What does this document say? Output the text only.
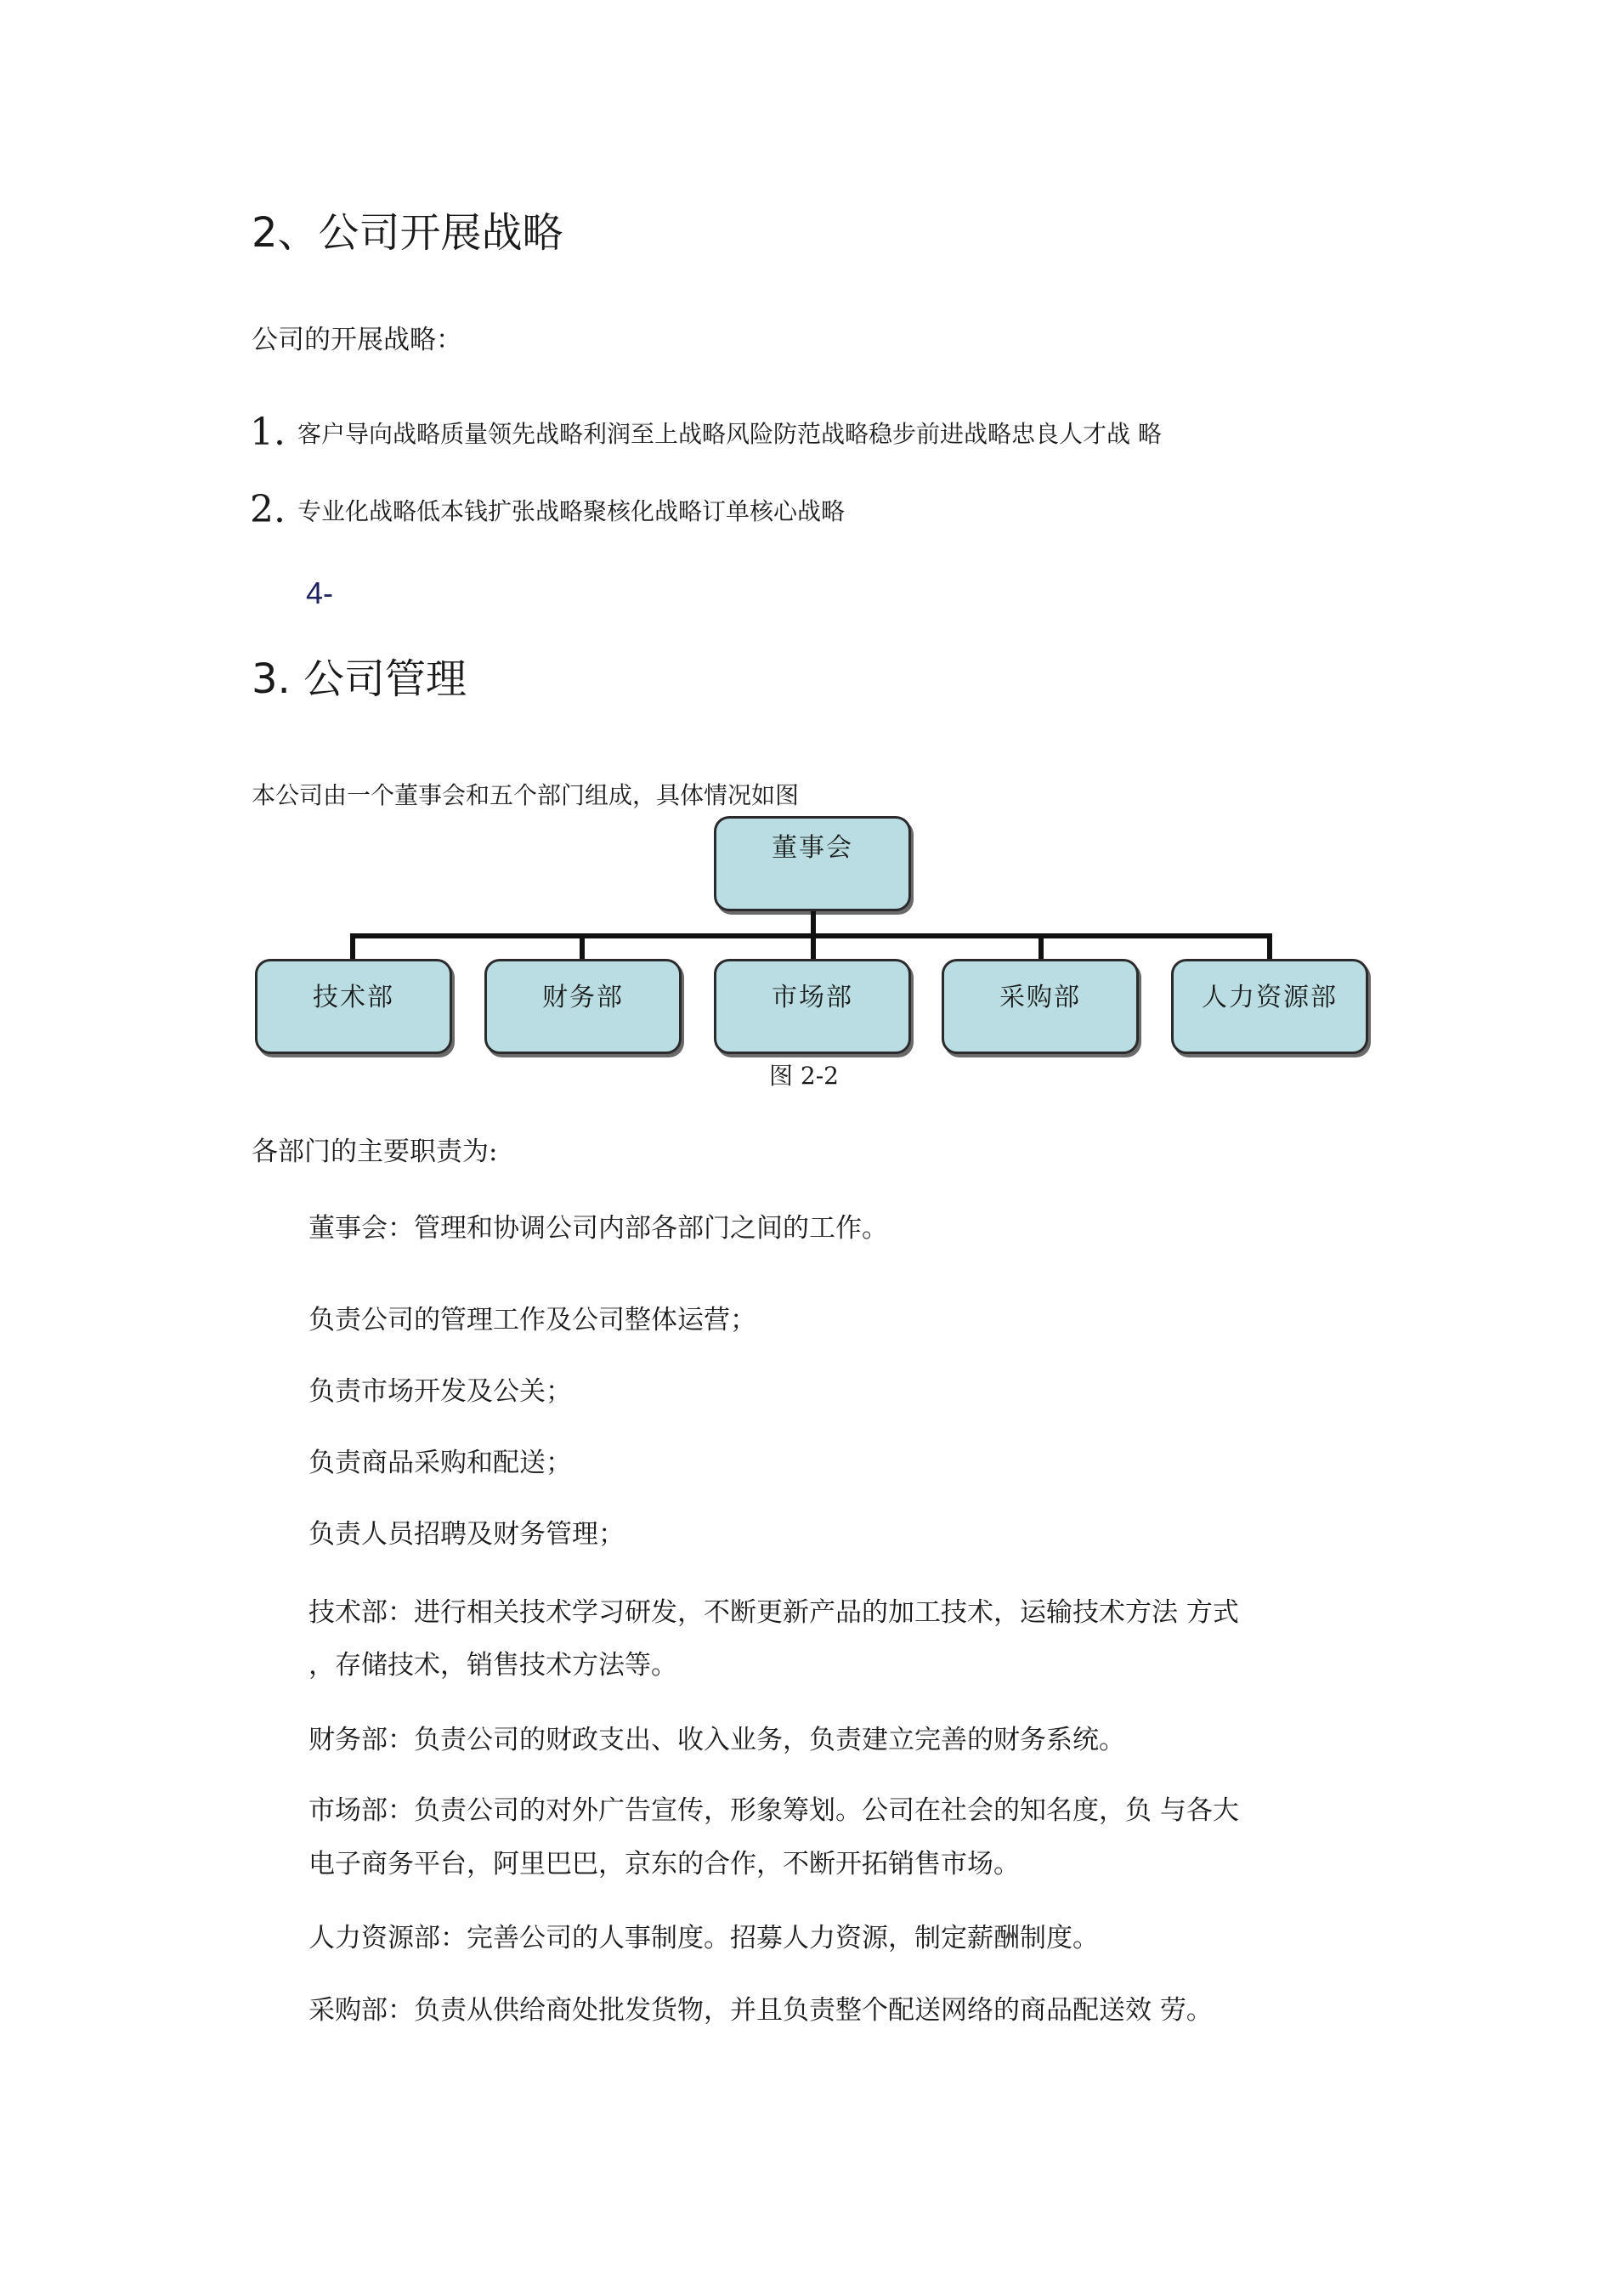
2、公司开展战略
公司的开展战略：
1. 客户导向战略质量领先战略利润至上战略风险防范战略稳步前进战略忠良人才战 略
2. 专业化战略低本钱扩张战略聚核化战略订单核心战略
4-
3. 公司管理
本公司由一个董事会和五个部门组成，具体情况如图
董事会
技术部	财务部	市场部	采购部	人力资源部
图 2-2
各部门的主要职责为:
董事会：管理和协调公司内部各部门之间的工作。
负责公司的管理工作及公司整体运营；
负责市场开发及公关；
负责商品采购和配送；
负责人员招聘及财务管理；
技术部：进行相关技术学习研发，不断更新产品的加工技术，运输技术方法 方式
，存储技术，销售技术方法等。
财务部：负责公司的财政支出、收入业务，负责建立完善的财务系统。
市场部：负责公司的对外广告宣传，形象筹划。公司在社会的知名度，负 与各大
电子商务平台，阿里巴巴，京东的合作，不断开拓销售市场。
人力资源部：完善公司的人事制度。招募人力资源，制定薪酬制度。
采购部：负责从供给商处批发货物，并且负责整个配送网络的商品配送效 劳。
